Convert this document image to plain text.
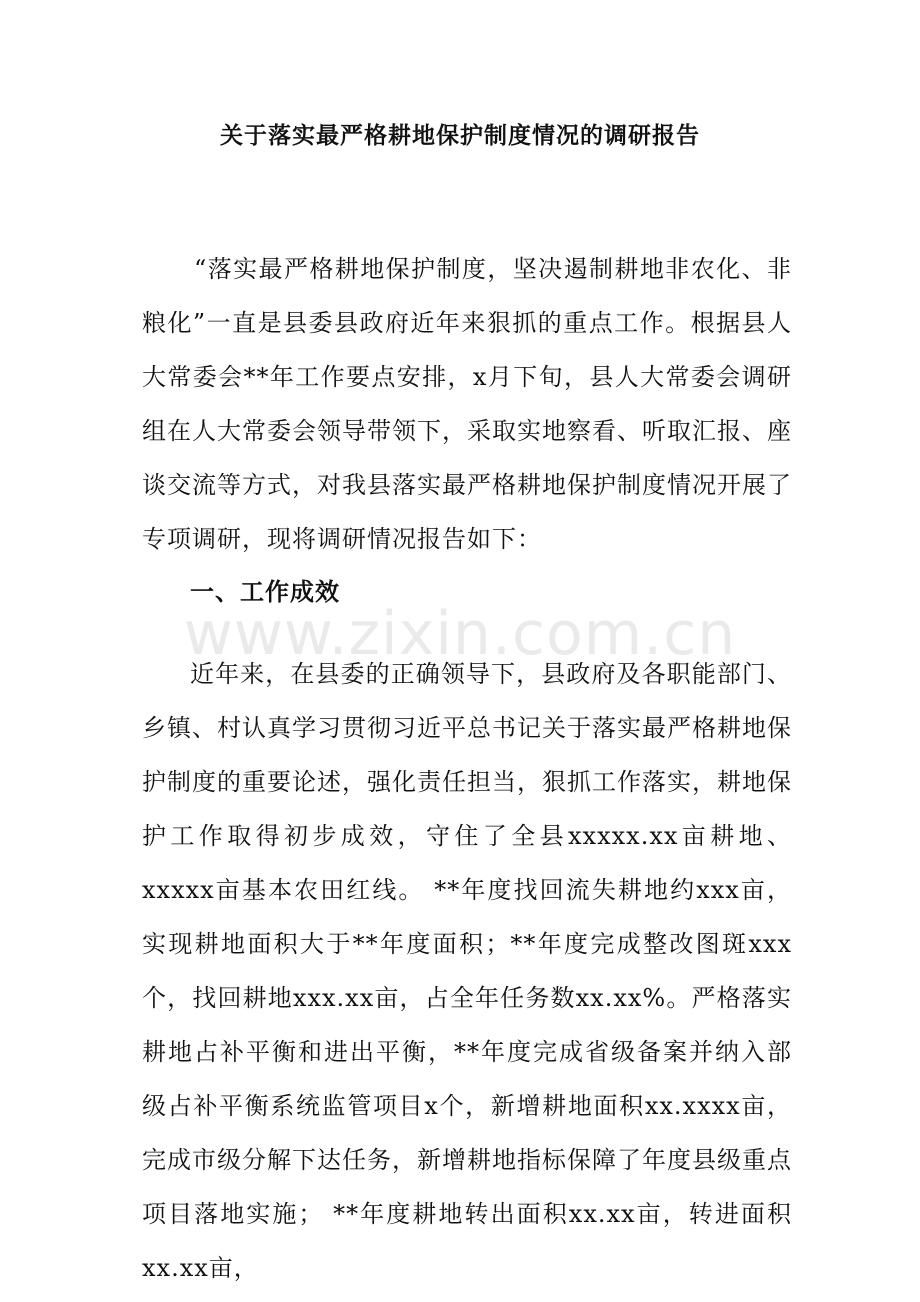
关于落实最严格耕地保护制度情况的调研报告

“落实最严格耕地保护制度，坚决遏制耕地非农化、非粮化”一直是县委县政府近年来狠抓的重点工作。根据县人大常委会**年工作要点安排，x月下旬，县人大常委会调研组在人大常委会领导带领下，采取实地察看、听取汇报、座谈交流等方式，对我县落实最严格耕地保护制度情况开展了专项调研，现将调研情况报告如下：

一、工作成效

近年来，在县委的正确领导下，县政府及各职能部门、乡镇、村认真学习贯彻习近平总书记关于落实最严格耕地保护制度的重要论述，强化责任担当，狠抓工作落实，耕地保护工作取得初步成效，守住了全县xxxxx.xx亩耕地、xxxxx亩基本农田红线。 **年度找回流失耕地约xxx亩，实现耕地面积大于**年度面积；**年度完成整改图斑xxx个，找回耕地xxx.xx亩，占全年任务数xx.xx%。严格落实耕地占补平衡和进出平衡，**年度完成省级备案并纳入部级占补平衡系统监管项目x个，新增耕地面积xx.xxxx亩，完成市级分解下达任务，新增耕地指标保障了年度县级重点项目落地实施； **年度耕地转出面积xx.xx亩，转进面积xx.xx亩，

www.zixin.com.cn
